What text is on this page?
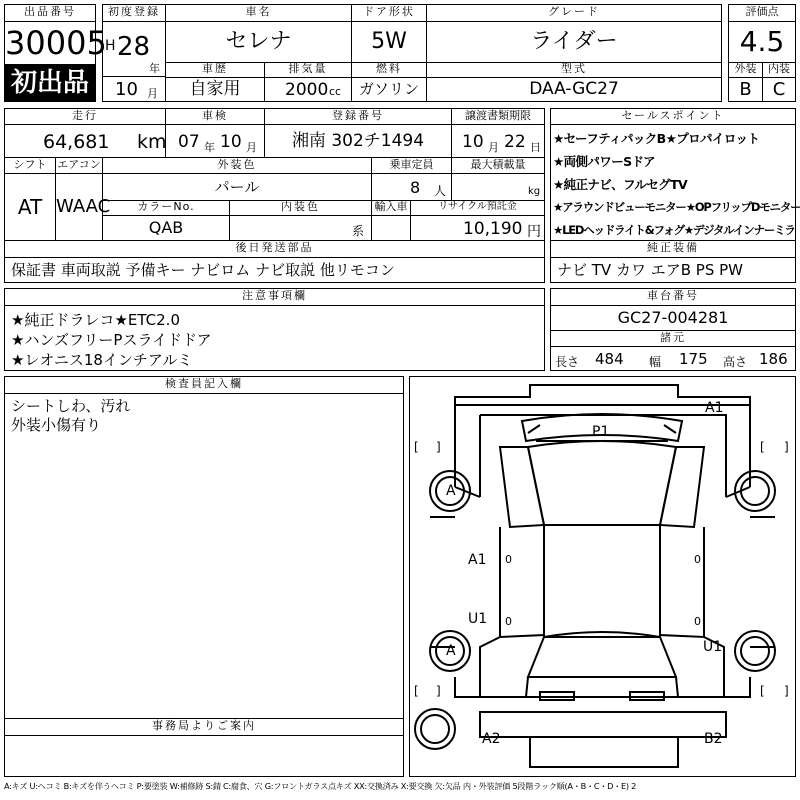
出品番号
30005
初出品
初度登録
H 28
年
10 月
車名
セレナ
ドア形状
5W
グレード
ライダー
車歴
自家用
排気量
2000 cc
燃料
ガソリン
型式
DAA-GC27
評価点
4.5
外装	内装
B	C
走行
64,681 km
車検
07 年 10 月
登録番号
湘南 302チ1494
譲渡書類期限
10 月 22 日
シフト
AT
エアコン
WAAC
外装色
パール
乗車定員
8 人
最大積載量
kg
カラーNo.
QAB
内装色
系
輸入車	リサイクル預託金
10,190 円
後日発送部品
保証書 車両取説 予備キー ナビロム ナビ取説 他リモコン
セールスポイント
★セーフティパックB★プロパイロット
★両側パワーSドア
★純正ナビ、フルセグTV
★アラウンドビューモニター★OPフリップDモニター
★LEDヘッドライト&フォグ★デジタルインナーミラ
純正装備
ナビ TV カワ エアB PS PW
注意事項欄
★純正ドラレコ★ETC2.0
★ハンズフリーPスライドドア
★レオニス18インチアルミ
車台番号
GC27-004281
諸元
長さ 484 幅 175 高さ 186
検査員記入欄
シートしわ、汚れ
外装小傷有り
事務局よりご案内
[ ]	[ ]
[ ]	[ ]
0
0
0
0
A1
P1
A
A1
U1
A	U1
A2	B2
A:キズ U:ヘコミ B:キズを伴うヘコミ P:要塗装 W:補修跡 S:錆 C:腐食、穴 G:フロントガラス点キズ XX:交換済み X:要交換 欠:欠品 内・外装評価 5段階ラック順(A・B・C・D・E) 2
